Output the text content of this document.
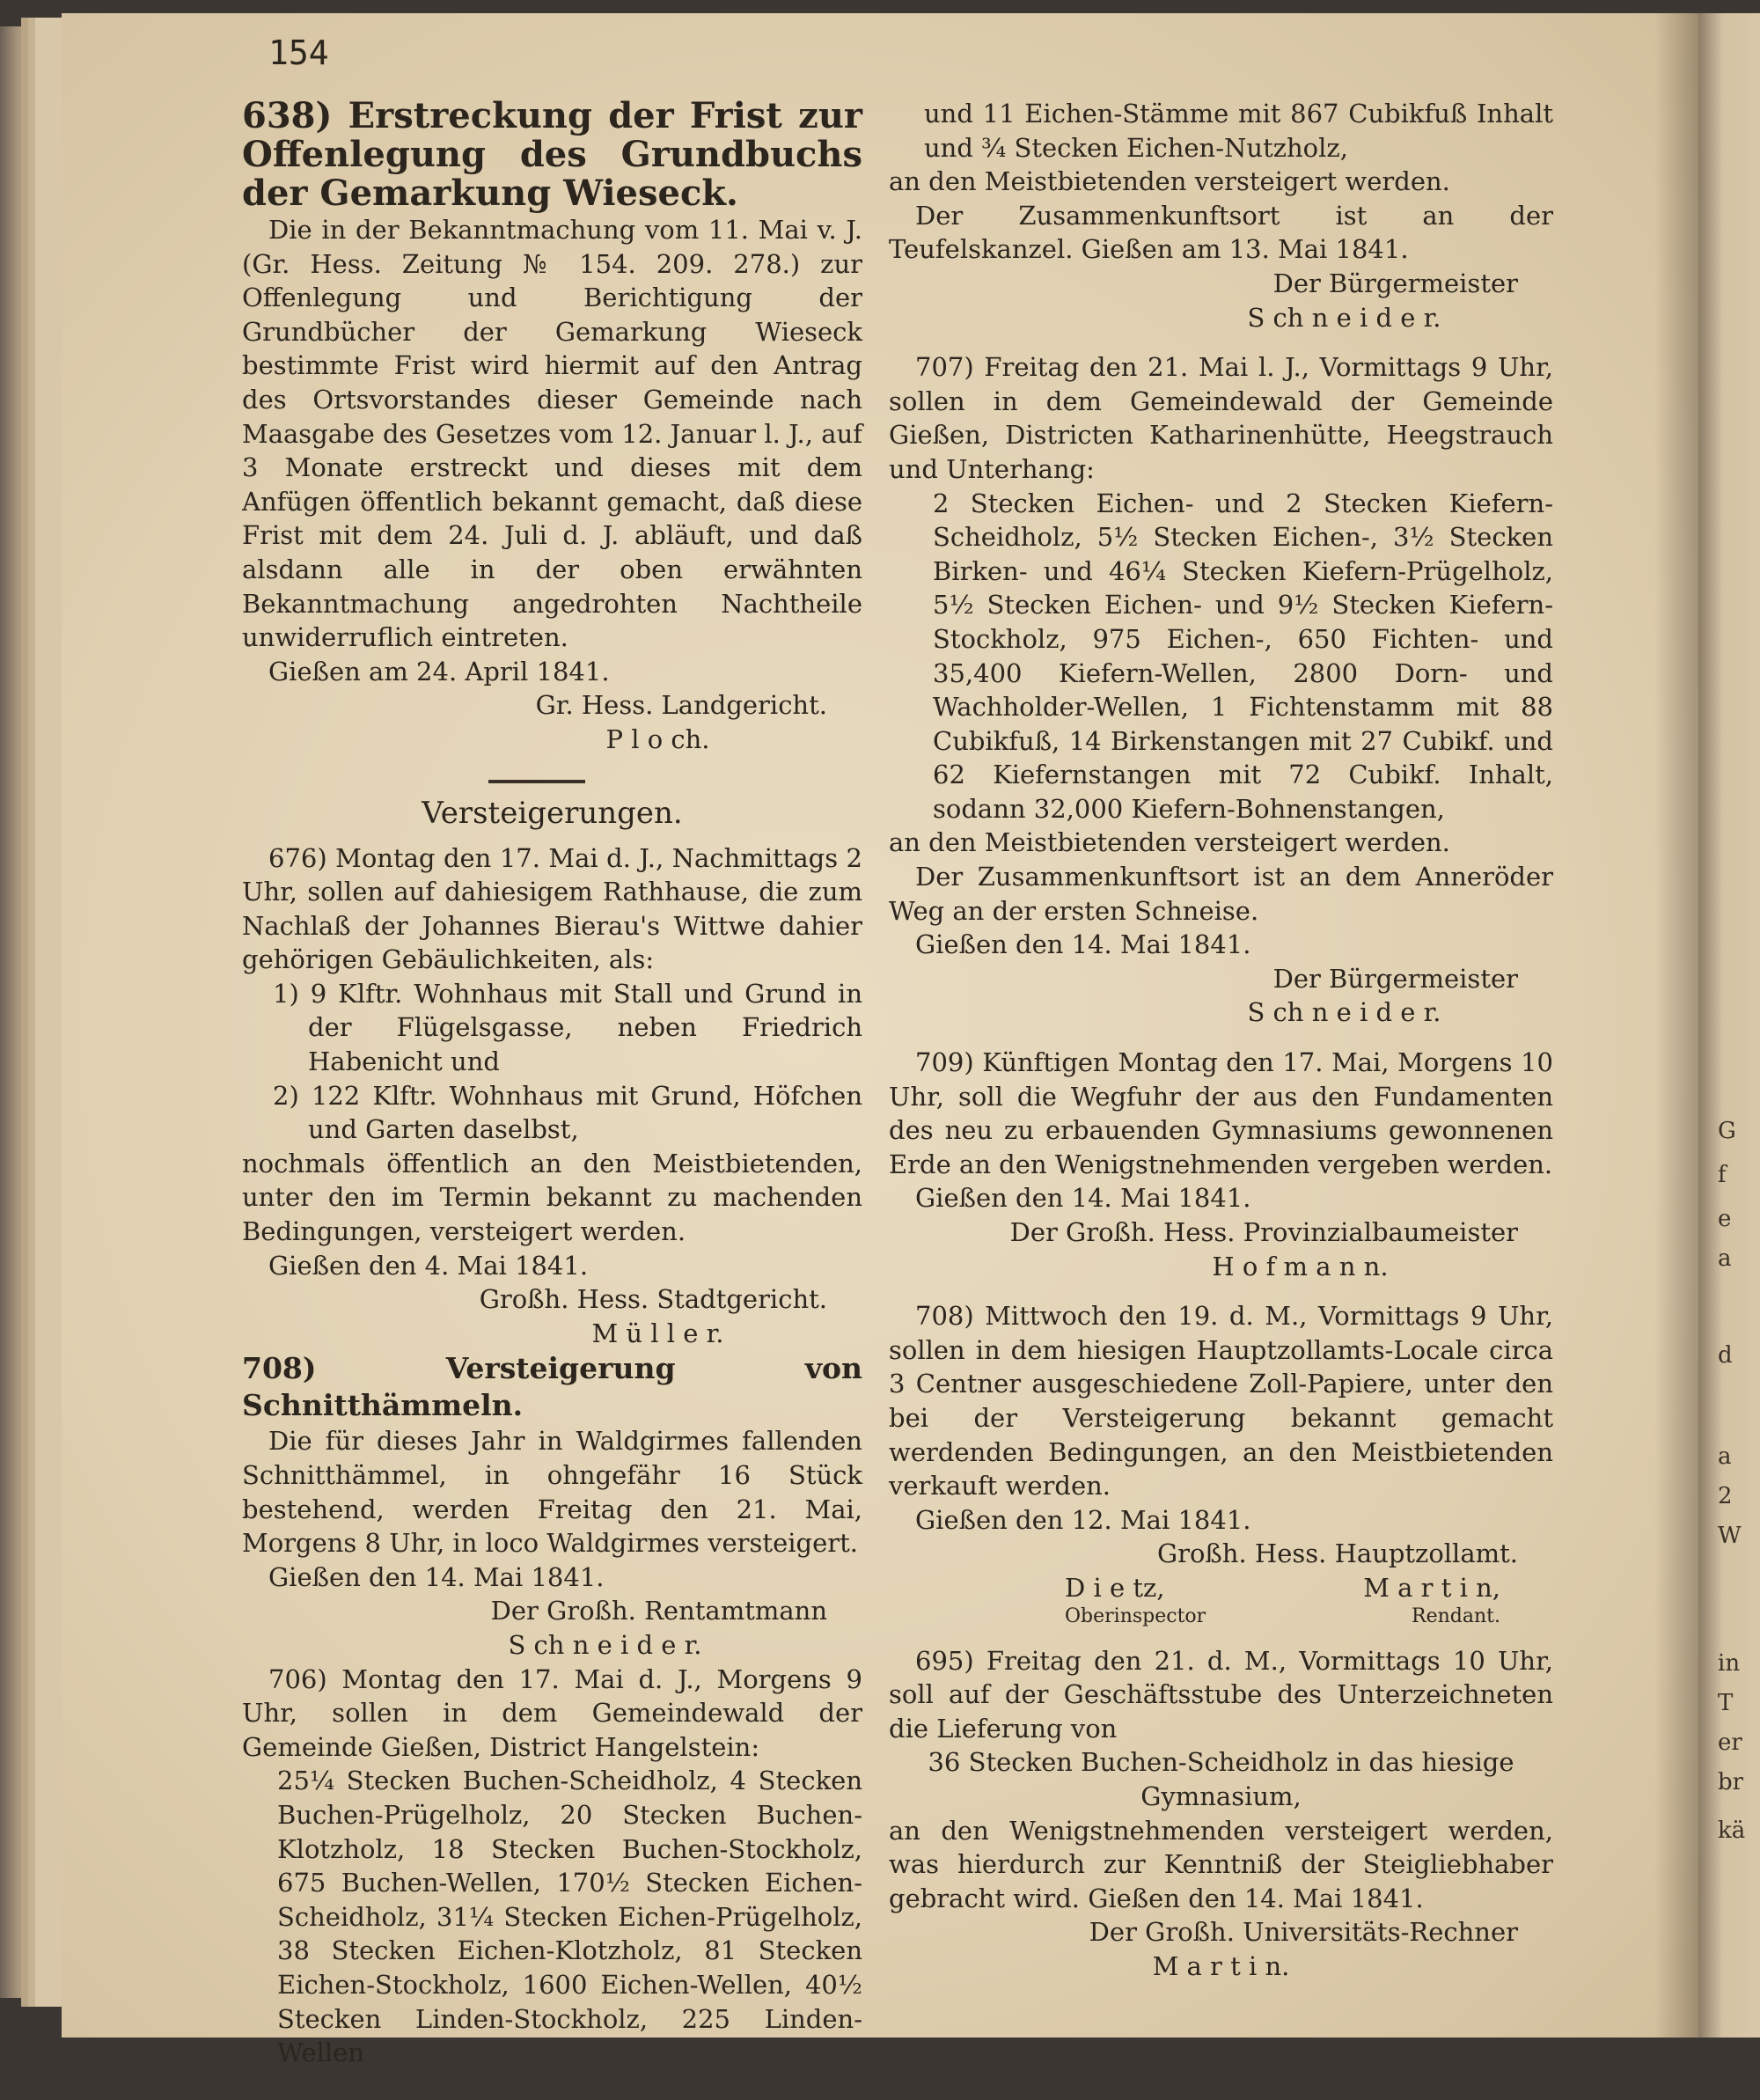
G
f
e
a
d
a
2
W
in
T
er
br
kä
154

638) Erstreckung der Frist zur Offenlegung des Grundbuchs der Gemarkung Wieseck.

Die in der Bekanntmachung vom 11. Mai v. J. (Gr. Hess. Zeitung № 154. 209. 278.) zur Offenlegung und Berichtigung der Grundbücher der Gemarkung Wieseck bestimmte Frist wird hiermit auf den Antrag des Ortsvorstandes dieser Gemeinde nach Maasgabe des Gesetzes vom 12. Januar l. J., auf 3 Monate erstreckt und dieses mit dem Anfügen öffentlich bekannt gemacht, daß diese Frist mit dem 24. Juli d. J. abläuft, und daß alsdann alle in der oben erwähnten Bekanntmachung angedrohten Nachtheile unwiderruflich eintreten.

Gießen am 24. April 1841.

Gr. Hess. Landgericht.

P l o ch.

Versteigerungen.

676) Montag den 17. Mai d. J., Nachmittags 2 Uhr, sollen auf dahiesigem Rathhause, die zum Nachlaß der Johannes Bierau's Wittwe dahier gehörigen Gebäulichkeiten, als:

1) 9 Klftr. Wohnhaus mit Stall und Grund in der Flügelsgasse, neben Friedrich Habenicht und

2) 122 Klftr. Wohnhaus mit Grund, Höfchen und Garten daselbst,

nochmals öffentlich an den Meistbietenden, unter den im Termin bekannt zu machenden Bedingungen, versteigert werden.

Gießen den 4. Mai 1841.

Großh. Hess. Stadtgericht.

M ü l l e r.

708) Versteigerung von Schnitthämmeln.

Die für dieses Jahr in Waldgirmes fallenden Schnitthämmel, in ohngefähr 16 Stück bestehend, werden Freitag den 21. Mai, Morgens 8 Uhr, in loco Waldgirmes versteigert.

Gießen den 14. Mai 1841.

Der Großh. Rentamtmann

S ch n e i d e r.

706) Montag den 17. Mai d. J., Morgens 9 Uhr, sollen in dem Gemeindewald der Gemeinde Gießen, District Hangelstein:

25¼ Stecken Buchen-Scheidholz, 4 Stecken Buchen-Prügelholz, 20 Stecken Buchen-Klotzholz, 18 Stecken Buchen-Stockholz, 675 Buchen-Wellen, 170½ Stecken Eichen-Scheidholz, 31¼ Stecken Eichen-Prügelholz, 38 Stecken Eichen-Klotzholz, 81 Stecken Eichen-Stockholz, 1600 Eichen-Wellen, 40½ Stecken Linden-Stockholz, 225 Linden-Wellen

und 11 Eichen-Stämme mit 867 Cubikfuß Inhalt und ¾ Stecken Eichen-Nutzholz,

an den Meistbietenden versteigert werden.

Der Zusammenkunftsort ist an der Teufelskanzel. Gießen am 13. Mai 1841.

Der Bürgermeister

S ch n e i d e r.

707) Freitag den 21. Mai l. J., Vormittags 9 Uhr, sollen in dem Gemeindewald der Gemeinde Gießen, Districten Katharinenhütte, Heegstrauch und Unterhang:

2 Stecken Eichen- und 2 Stecken Kiefern-Scheidholz, 5½ Stecken Eichen-, 3½ Stecken Birken- und 46¼ Stecken Kiefern-Prügelholz, 5½ Stecken Eichen- und 9½ Stecken Kiefern-Stockholz, 975 Eichen-, 650 Fichten- und 35,400 Kiefern-Wellen, 2800 Dorn- und Wachholder-Wellen, 1 Fichtenstamm mit 88 Cubikfuß, 14 Birkenstangen mit 27 Cubikf. und 62 Kiefernstangen mit 72 Cubikf. Inhalt, sodann 32,000 Kiefern-Bohnenstangen,

an den Meistbietenden versteigert werden.

Der Zusammenkunftsort ist an dem Anneröder Weg an der ersten Schneise.

Gießen den 14. Mai 1841.

Der Bürgermeister

S ch n e i d e r.

709) Künftigen Montag den 17. Mai, Morgens 10 Uhr, soll die Wegfuhr der aus den Fundamenten des neu zu erbauenden Gymnasiums gewonnenen Erde an den Wenigstnehmenden vergeben werden.

Gießen den 14. Mai 1841.

Der Großh. Hess. Provinzialbaumeister

H o f m a n n.

708) Mittwoch den 19. d. M., Vormittags 9 Uhr, sollen in dem hiesigen Hauptzollamts-Locale circa 3 Centner ausgeschiedene Zoll-Papiere, unter den bei der Versteigerung bekannt gemacht werdenden Bedingungen, an den Meistbietenden verkauft werden.

Gießen den 12. Mai 1841.

Großh. Hess. Hauptzollamt.

D i e tz,	M a r t i n,
Oberinspector	Rendant.

695) Freitag den 21. d. M., Vormittags 10 Uhr, soll auf der Geschäftsstube des Unterzeichneten die Lieferung von

36 Stecken Buchen-Scheidholz in das hiesige Gymnasium,

an den Wenigstnehmenden versteigert werden, was hierdurch zur Kenntniß der Steigliebhaber gebracht wird. Gießen den 14. Mai 1841.

Der Großh. Universitäts-Rechner

M a r t i n.
